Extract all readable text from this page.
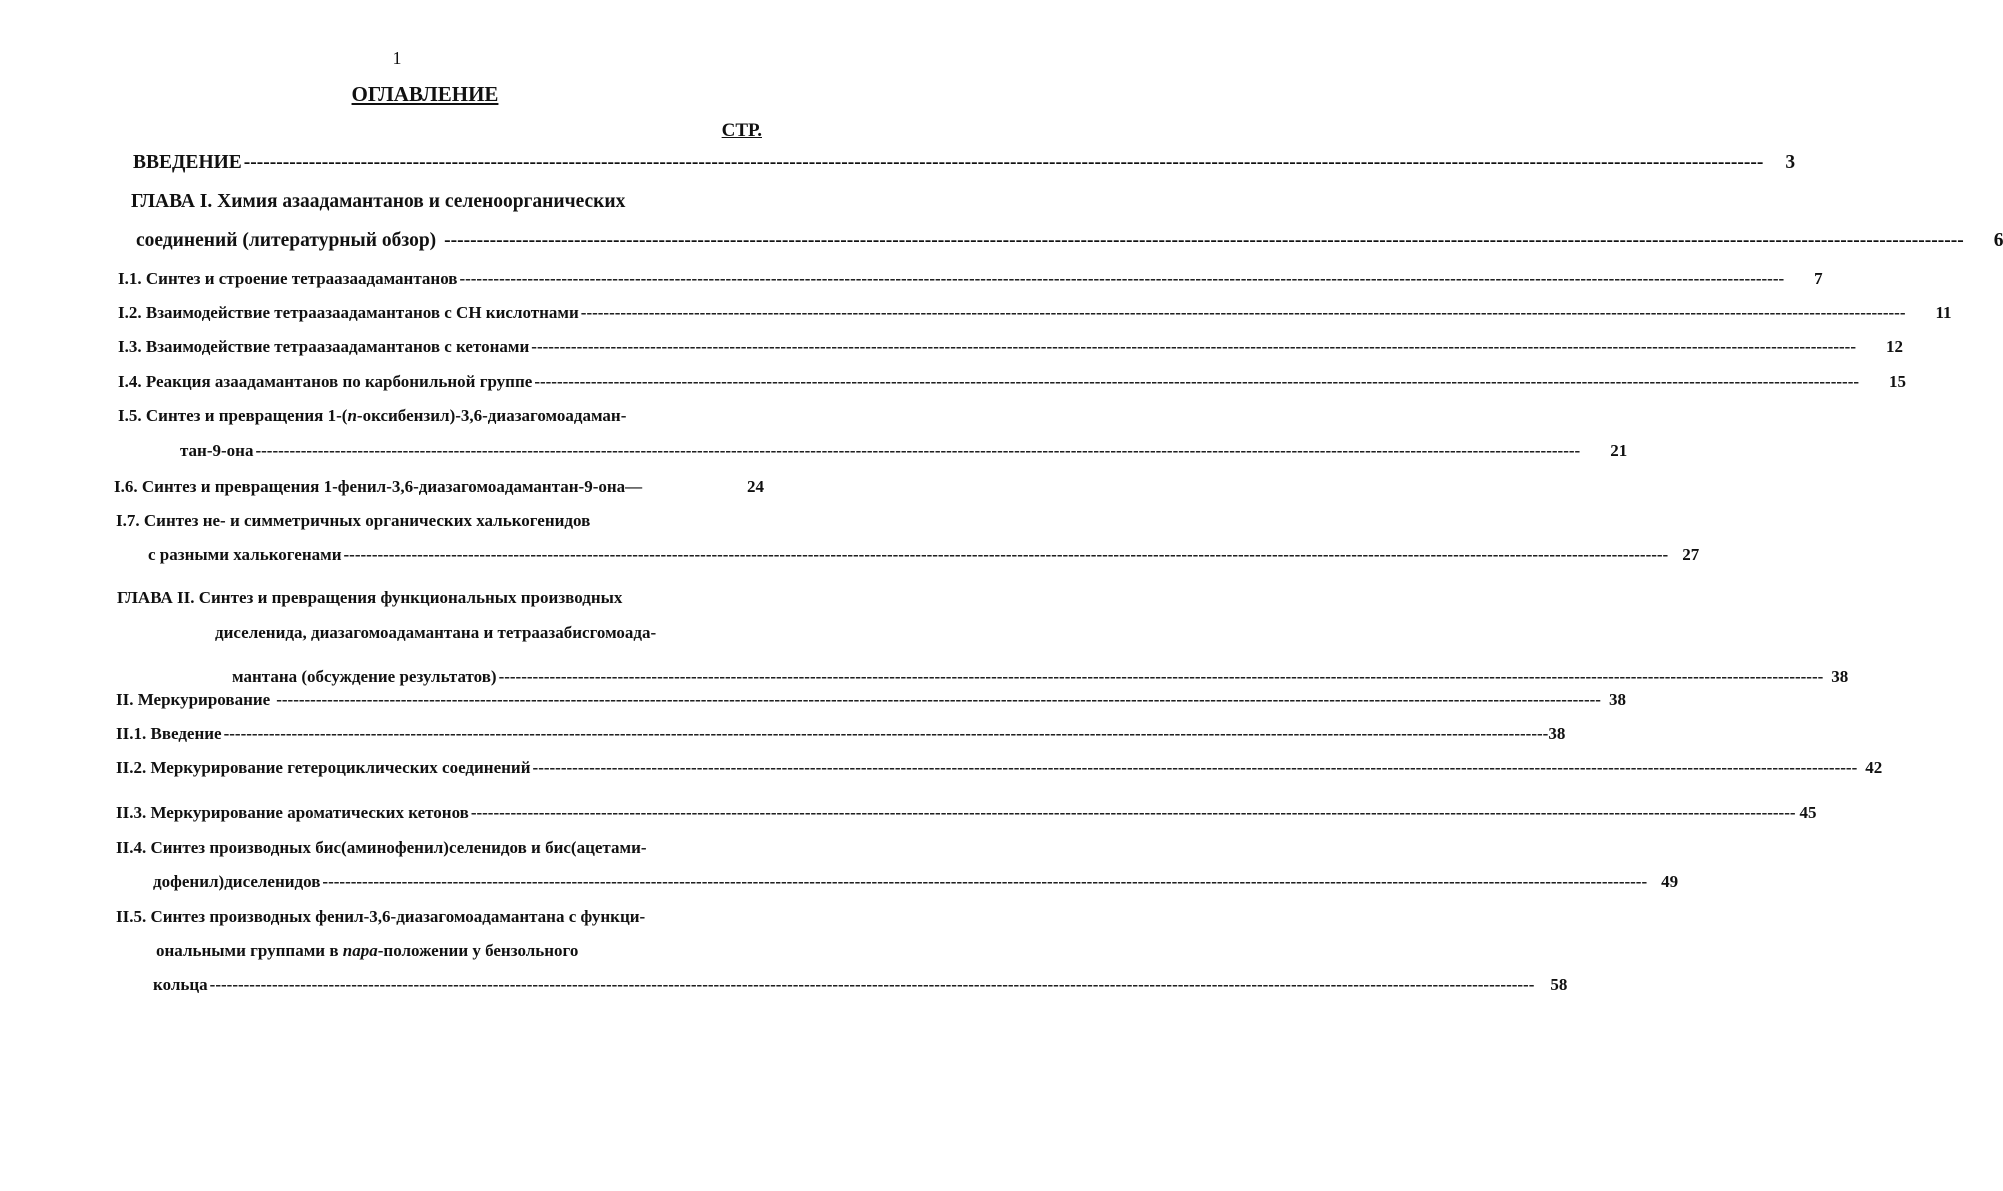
1
ОГЛАВЛЕНИЕ
СТР.
ВВЕДЕНИЕ ------------------------------------------------------------------------------------------------------------------------------------------------------------------------------------------------------------------------------------------	3
ГЛАВА I. Химия азаадамантанов и селеноорганических
соединений (литературный обзор) ------------------------------------------------------------------------------------------------------------------------------------------------------------------------------------------------------------------------------------------ 6
I.1. Синтез и строение тетраазаадамантанов ------------------------------------------------------------------------------------------------------------------------------------------------------------------------------------------------------------------------------------------ 7
I.2. Взаимодействие тетраазаадамантанов с СН кислотнами ------------------------------------------------------------------------------------------------------------------------------------------------------------------------------------------------------------------------------------------ 11
I.3. Взаимодействие тетраазаадамантанов с кетонами ------------------------------------------------------------------------------------------------------------------------------------------------------------------------------------------------------------------------------------------ 12
I.4. Реакция азаадамантанов по карбонильной группе ------------------------------------------------------------------------------------------------------------------------------------------------------------------------------------------------------------------------------------------ 15
I.5. Синтез и превращения 1-(п-оксибензил)-3,6-диазагомоадаман-
тан-9-она ------------------------------------------------------------------------------------------------------------------------------------------------------------------------------------------------------------------------------------------ 21
I.6. Синтез и превращения 1-фенил-3,6-диазагомоадамантан-9-она—	24
I.7. Синтез не- и симметричных органических халькогенидов
с разными халькогенами ------------------------------------------------------------------------------------------------------------------------------------------------------------------------------------------------------------------------------------------ 27
ГЛАВА II. Синтез и превращения функциональных производных
диселенида, диазагомоадамантана и тетраазабисгомоада-
мантана (обсуждение результатов) ------------------------------------------------------------------------------------------------------------------------------------------------------------------------------------------------------------------------------------------ 38
II. Меркурирование ------------------------------------------------------------------------------------------------------------------------------------------------------------------------------------------------------------------------------------------ 38
II.1. Введение ------------------------------------------------------------------------------------------------------------------------------------------------------------------------------------------------------------------------------------------ 38
II.2. Меркурирование гетероциклических соединений ------------------------------------------------------------------------------------------------------------------------------------------------------------------------------------------------------------------------------------------ 42
II.3. Меркурирование ароматических кетонов ------------------------------------------------------------------------------------------------------------------------------------------------------------------------------------------------------------------------------------------ 45
II.4. Синтез производных бис(аминофенил)селенидов и бис(ацетами-
дофенил)диселенидов ------------------------------------------------------------------------------------------------------------------------------------------------------------------------------------------------------------------------------------------ 49
II.5. Синтез производных фенил-3,6-диазагомоадамантана с функци-
ональными группами в пара-положении у бензольного
кольца ------------------------------------------------------------------------------------------------------------------------------------------------------------------------------------------------------------------------------------------ 58
